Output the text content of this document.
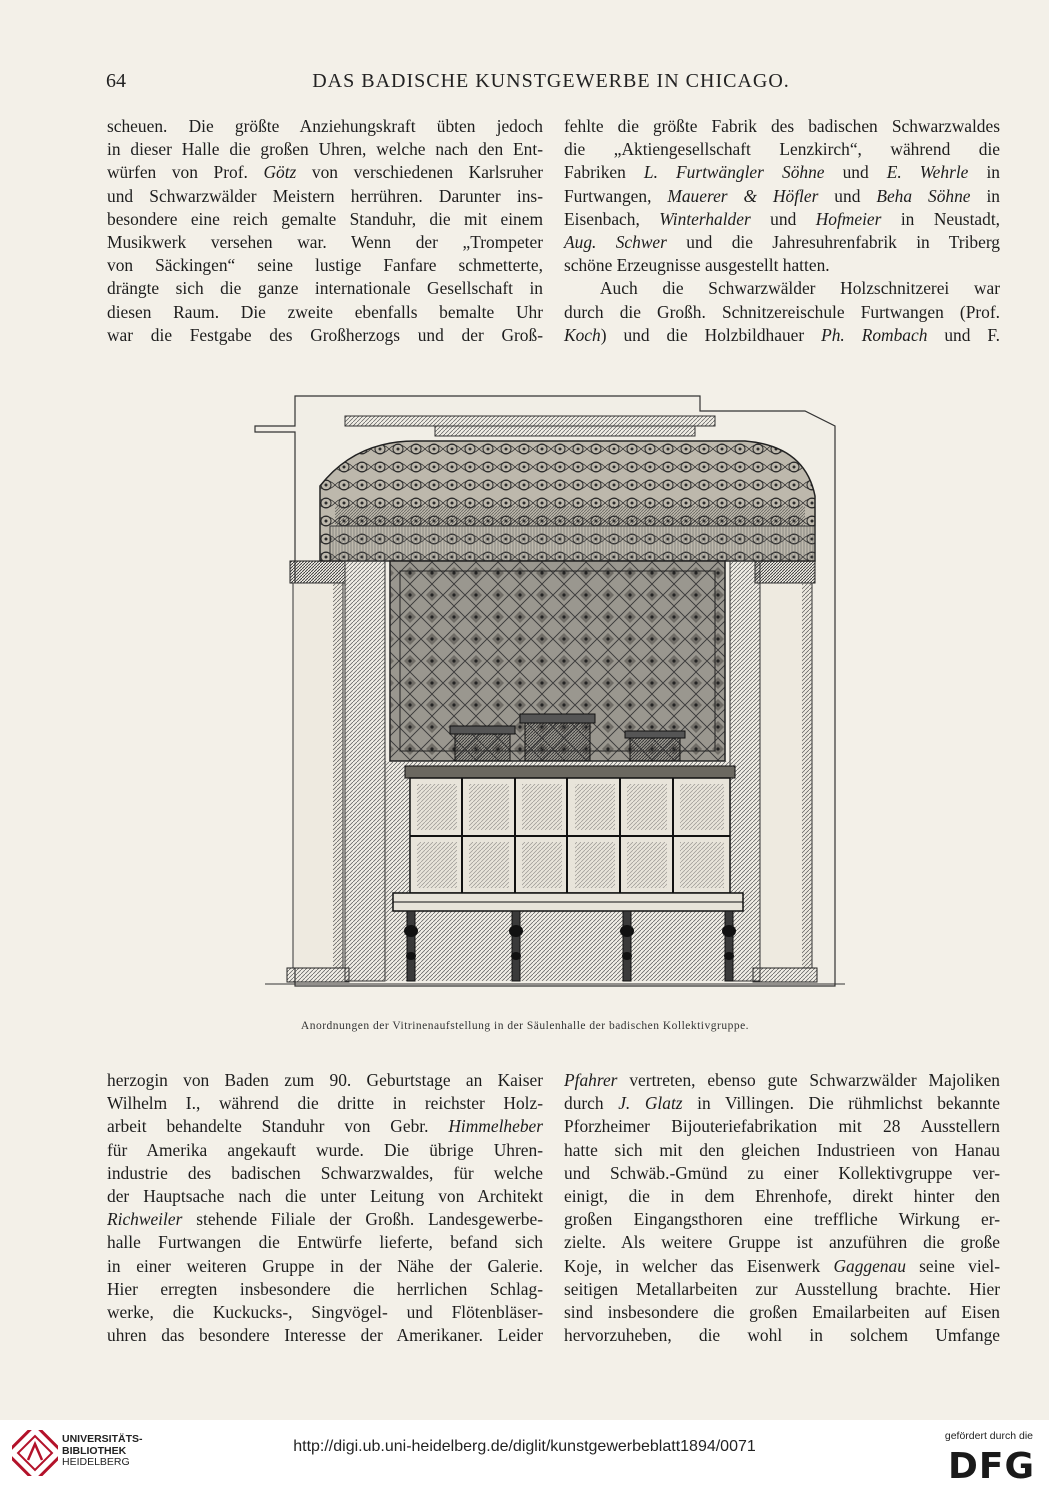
64	DAS BADISCHE KUNSTGEWERBE IN CHICAGO.
scheuen. Die größte Anziehungskraft übten jedoch
in dieser Halle die großen Uhren, welche nach den Ent-
würfen von Prof. Götz von verschiedenen Karlsruher
und Schwarzwälder Meistern herrühren. Darunter ins-
besondere eine reich gemalte Standuhr, die mit einem
Musikwerk versehen war. Wenn der „Trompeter
von Säckingen“ seine lustige Fanfare schmetterte,
drängte sich die ganze internationale Gesellschaft in
diesen Raum. Die zweite ebenfalls bemalte Uhr
war die Festgabe des Großherzogs und der Groß-
fehlte die größte Fabrik des badischen Schwarzwaldes
die „Aktiengesellschaft Lenzkirch“, während die
Fabriken L. Furtwängler Söhne und E. Wehrle in
Furtwangen, Mauerer & Höfler und Beha Söhne in
Eisenbach, Winterhalder und Hofmeier in Neustadt,
Aug. Schwer und die Jahresuhrenfabrik in Triberg
schöne Erzeugnisse ausgestellt hatten.
Auch die Schwarzwälder Holzschnitzerei war
durch die Großh. Schnitzereischule Furtwangen (Prof.
Koch) und die Holzbildhauer Ph. Rombach und F.
Anordnungen der Vitrinenaufstellung in der Säulenhalle der badischen Kollektivgruppe.
herzogin von Baden zum 90. Geburtstage an Kaiser
Wilhelm I., während die dritte in reichster Holz-
arbeit behandelte Standuhr von Gebr. Himmelheber
für Amerika angekauft wurde. Die übrige Uhren-
industrie des badischen Schwarzwaldes, für welche
der Hauptsache nach die unter Leitung von Architekt
Richweiler stehende Filiale der Großh. Landesgewerbe-
halle Furtwangen die Entwürfe lieferte, befand sich
in einer weiteren Gruppe in der Nähe der Galerie.
Hier erregten insbesondere die herrlichen Schlag-
werke, die Kuckucks-, Singvögel- und Flötenbläser-
uhren das besondere Interesse der Amerikaner. Leider
Pfahrer vertreten, ebenso gute Schwarzwälder Majoliken
durch J. Glatz in Villingen. Die rühmlichst bekannte
Pforzheimer Bijouteriefabrikation mit 28 Ausstellern
hatte sich mit den gleichen Industrieen von Hanau
und Schwäb.-Gmünd zu einer Kollektivgruppe ver-
einigt, die in dem Ehrenhofe, direkt hinter den
großen Eingangsthoren eine treffliche Wirkung er-
zielte. Als weitere Gruppe ist anzuführen die große
Koje, in welcher das Eisenwerk Gaggenau seine viel-
seitigen Metallarbeiten zur Ausstellung brachte. Hier
sind insbesondere die großen Emailarbeiten auf Eisen
hervorzuheben, die wohl in solchem Umfange
UNIVERSITÄTS-
BIBLIOTHEK
HEIDELBERG
http://digi.ub.uni-heidelberg.de/diglit/kunstgewerbeblatt1894/0071
gefördert durch die
DFG
